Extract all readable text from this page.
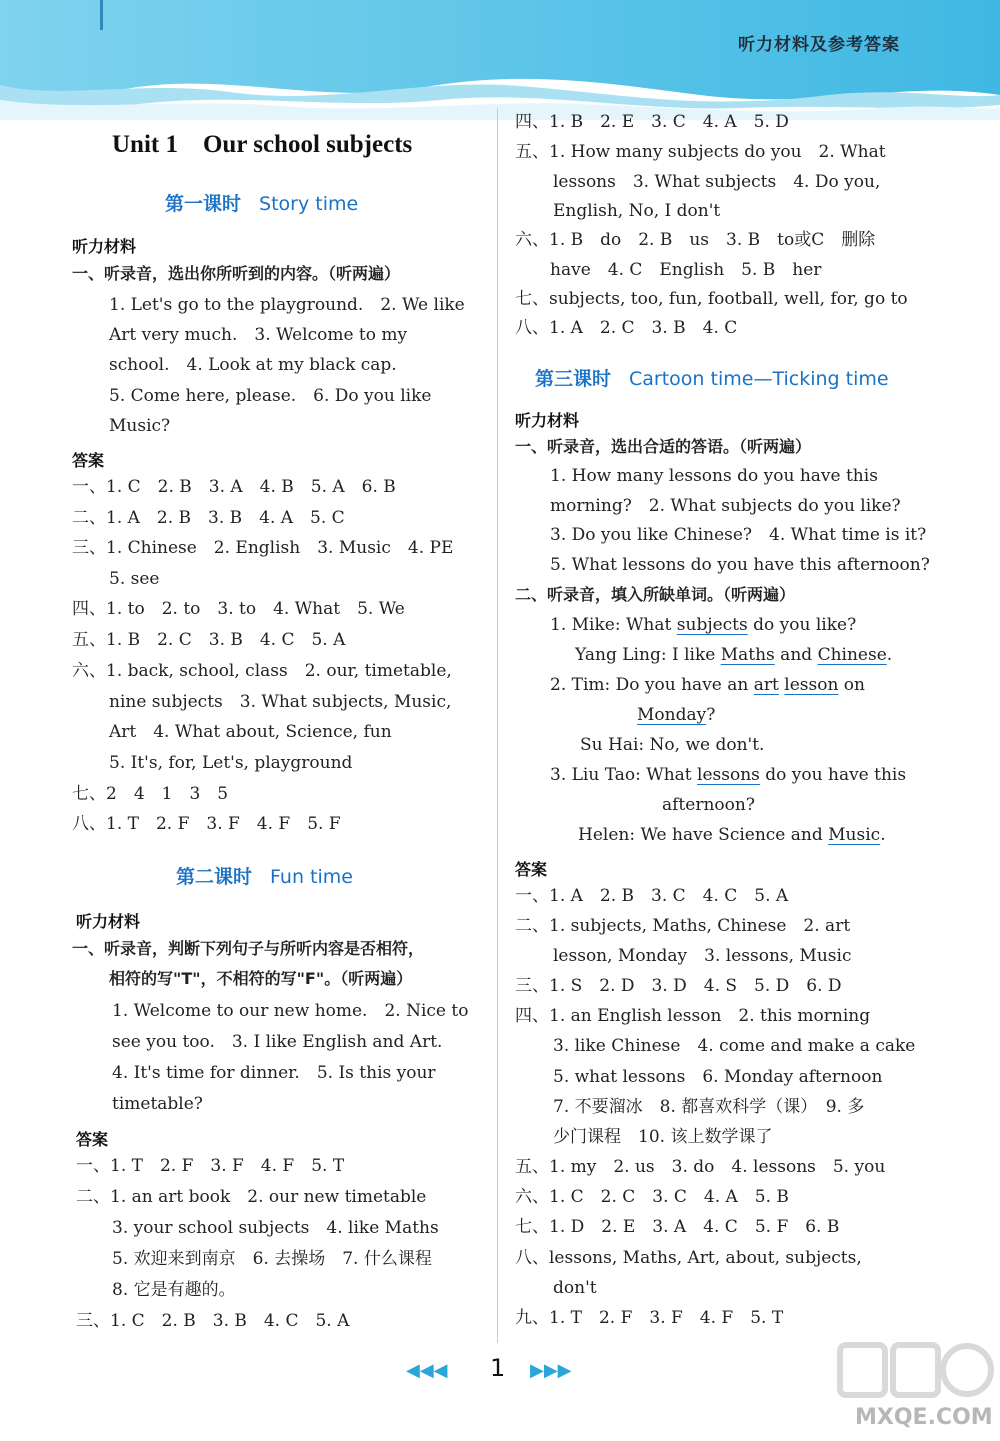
听力材料及参考答案
Unit 1　Our school subjects
第一课时 Story time
听力材料
一、听录音，选出你所听到的内容。（听两遍）
1. Let's go to the playground.　2. We like
Art very much.　3. Welcome to my
school.　4. Look at my black cap.
5. Come here, please.　6. Do you like
Music?
答案
一、1. C　2. B　3. A　4. B　5. A　6. B
二、1. A　2. B　3. B　4. A　5. C
三、1. Chinese　2. English　3. Music　4. PE
5. see
四、1. to　2. to　3. to　4. What　5. We
五、1. B　2. C　3. B　4. C　5. A
六、1. back, school, class　2. our, timetable,
nine subjects　3. What subjects, Music,
Art　4. What about, Science, fun
5. It's, for, Let's, playground
七、2　4　1　3　5
八、1. T　2. F　3. F　4. F　5. F
第二课时 Fun time
听力材料
一、听录音，判断下列句子与所听内容是否相符，
相符的写"T"，不相符的写"F"。（听两遍）
1. Welcome to our new home.　2. Nice to
see you too.　3. I like English and Art.
4. It's time for dinner.　5. Is this your
timetable?
答案
一、1. T　2. F　3. F　4. F　5. T
二、1. an art book　2. our new timetable
3. your school subjects　4. like Maths
5. 欢迎来到南京　6. 去操场　7. 什么课程
8. 它是有趣的。
三、1. C　2. B　3. B　4. C　5. A
四、1. B　2. E　3. C　4. A　5. D
五、1. How many subjects do you　2. What
lessons　3. What subjects　4. Do you,
English, No, I don't
六、1. B　do　2. B　us　3. B　to或C　删除
have　4. C　English　5. B　her
七、subjects, too, fun, football, well, for, go to
八、1. A　2. C　3. B　4. C
第三课时 Cartoon time—Ticking time
听力材料
一、听录音，选出合适的答语。（听两遍）
1. How many lessons do you have this
morning?　2. What subjects do you like?
3. Do you like Chinese?　4. What time is it?
5. What lessons do you have this afternoon?
二、听录音，填入所缺单词。（听两遍）
1. Mike: What subjects do you like?
Yang Ling: I like Maths and Chinese.
2. Tim: Do you have an art lesson on
Monday?
Su Hai: No, we don't.
3. Liu Tao: What lessons do you have this
afternoon?
Helen: We have Science and Music.
答案
一、1. A　2. B　3. C　4. C　5. A
二、1. subjects, Maths, Chinese　2. art
lesson, Monday　3. lessons, Music
三、1. S　2. D　3. D　4. S　5. D　6. D
四、1. an English lesson　2. this morning
3. like Chinese　4. come and make a cake
5. what lessons　6. Monday afternoon
7. 不要溜冰　8. 都喜欢科学（课）　9. 多
少门课程　10. 该上数学课了
五、1. my　2. us　3. do　4. lessons　5. you
六、1. C　2. C　3. C　4. A　5. B
七、1. D　2. E　3. A　4. C　5. F　6. B
八、lessons, Maths, Art, about, subjects,
don't
九、1. T　2. F　3. F　4. F　5. T
◀◀◀ 1 ▶▶▶
MXQE.COM
